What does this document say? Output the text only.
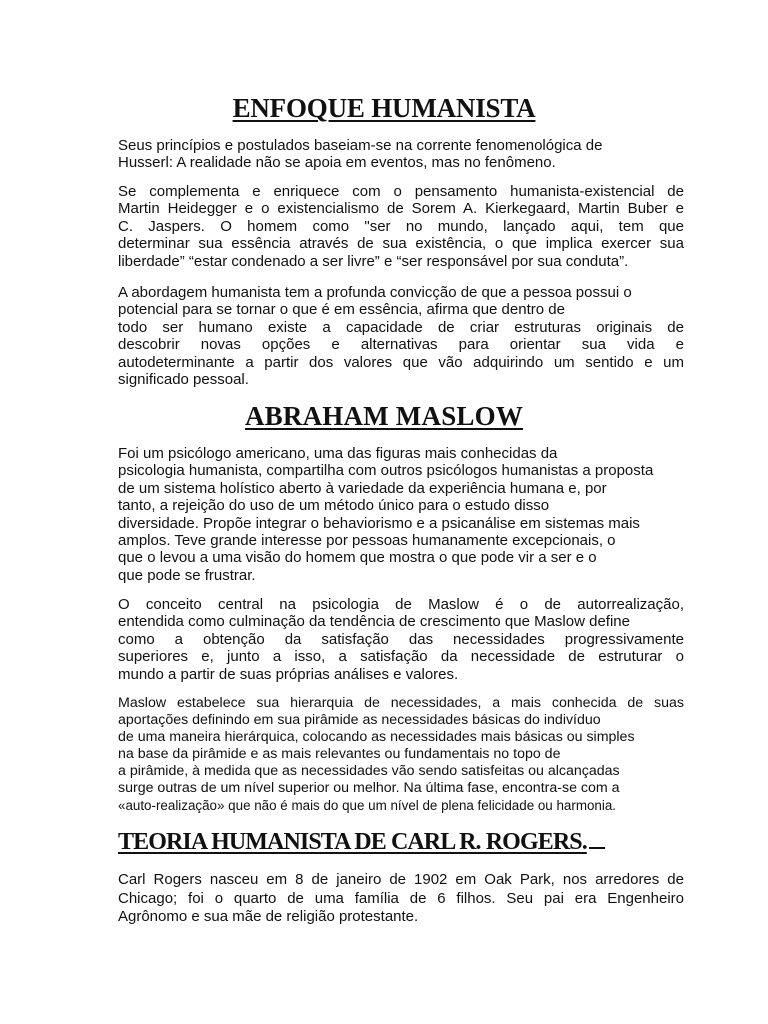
ENFOQUE HUMANISTA
Seus princípios e postulados baseiam-se na corrente fenomenológica de
Husserl: A realidade não se apoia em eventos, mas no fenômeno.
Se complementa e enriquece com o pensamento humanista-existencial de
Martin Heidegger e o existencialismo de Sorem A. Kierkegaard, Martin Buber e
C. Jaspers. O homem como "ser no mundo, lançado aqui, tem que
determinar sua essência através de sua existência, o que implica exercer sua
liberdade” “estar condenado a ser livre” e “ser responsável por sua conduta”.
A abordagem humanista tem a profunda convicção de que a pessoa possui o
potencial para se tornar o que é em essência, afirma que dentro de
todo ser humano existe a capacidade de criar estruturas originais de
descobrir novas opções e alternativas para orientar sua vida e
autodeterminante a partir dos valores que vão adquirindo um sentido e um
significado pessoal.
ABRAHAM MASLOW
Foi um psicólogo americano, uma das figuras mais conhecidas da
psicologia humanista, compartilha com outros psicólogos humanistas a proposta
de um sistema holístico aberto à variedade da experiência humana e, por
tanto, a rejeição do uso de um método único para o estudo disso
diversidade. Propõe integrar o behaviorismo e a psicanálise em sistemas mais
amplos. Teve grande interesse por pessoas humanamente excepcionais, o
que o levou a uma visão do homem que mostra o que pode vir a ser e o
que pode se frustrar.
O conceito central na psicologia de Maslow é o de autorrealização,
entendida como culminação da tendência de crescimento que Maslow define
como a obtenção da satisfação das necessidades progressivamente
superiores e, junto a isso, a satisfação da necessidade de estruturar o
mundo a partir de suas próprias análises e valores.
Maslow estabelece sua hierarquia de necessidades, a mais conhecida de suas
aportações definindo em sua pirâmide as necessidades básicas do indivíduo
de uma maneira hierárquica, colocando as necessidades mais básicas ou simples
na base da pirâmide e as mais relevantes ou fundamentais no topo de
a pirâmide, à medida que as necessidades vão sendo satisfeitas ou alcançadas
surge outras de um nível superior ou melhor. Na última fase, encontra-se com a
«auto-realização» que não é mais do que um nível de plena felicidade ou harmonia.
TEORIA HUMANISTA DE CARL R. ROGERS.
Carl Rogers nasceu em 8 de janeiro de 1902 em Oak Park, nos arredores de
Chicago; foi o quarto de uma família de 6 filhos. Seu pai era Engenheiro
Agrônomo e sua mãe de religião protestante.
